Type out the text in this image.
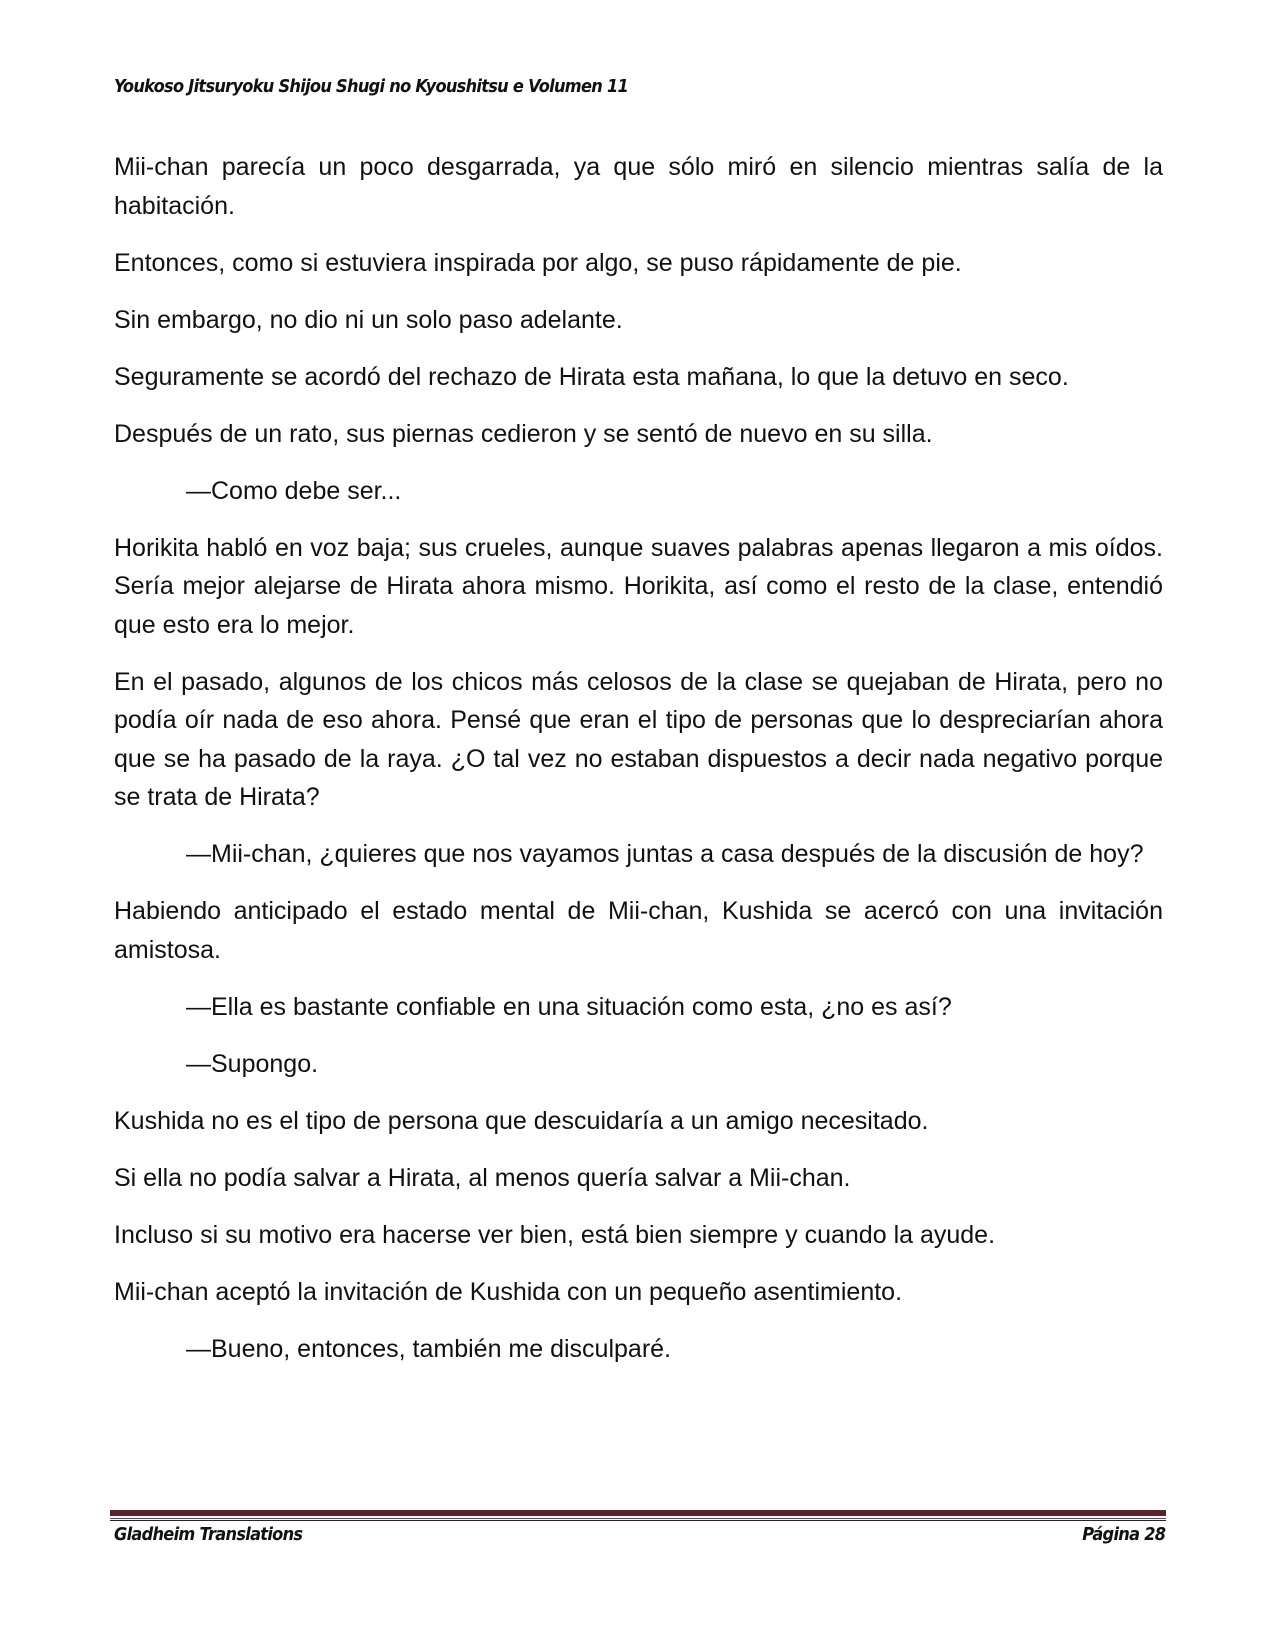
Youkoso Jitsuryoku Shijou Shugi no Kyoushitsu e Volumen 11

Mii-chan parecía un poco desgarrada, ya que sólo miró en silencio mientras salía de la habitación.

Entonces, como si estuviera inspirada por algo, se puso rápidamente de pie.

Sin embargo, no dio ni un solo paso adelante.

Seguramente se acordó del rechazo de Hirata esta mañana, lo que la detuvo en seco.

Después de un rato, sus piernas cedieron y se sentó de nuevo en su silla.

—Como debe ser...

Horikita habló en voz baja; sus crueles, aunque suaves palabras apenas llegaron a mis oídos. Sería mejor alejarse de Hirata ahora mismo. Horikita, así como el resto de la clase, entendió que esto era lo mejor.

En el pasado, algunos de los chicos más celosos de la clase se quejaban de Hirata, pero no podía oír nada de eso ahora. Pensé que eran el tipo de personas que lo despreciarían ahora que se ha pasado de la raya. ¿O tal vez no estaban dispuestos a decir nada negativo porque se trata de Hirata?

—Mii-chan, ¿quieres que nos vayamos juntas a casa después de la discusión de hoy?

Habiendo anticipado el estado mental de Mii-chan, Kushida se acercó con una invitación amistosa.

—Ella es bastante confiable en una situación como esta, ¿no es así?

—Supongo.

Kushida no es el tipo de persona que descuidaría a un amigo necesitado.

Si ella no podía salvar a Hirata, al menos quería salvar a Mii-chan.

Incluso si su motivo era hacerse ver bien, está bien siempre y cuando la ayude.

Mii-chan aceptó la invitación de Kushida con un pequeño asentimiento.

—Bueno, entonces, también me disculparé.

Gladheim Translations	Página 28
